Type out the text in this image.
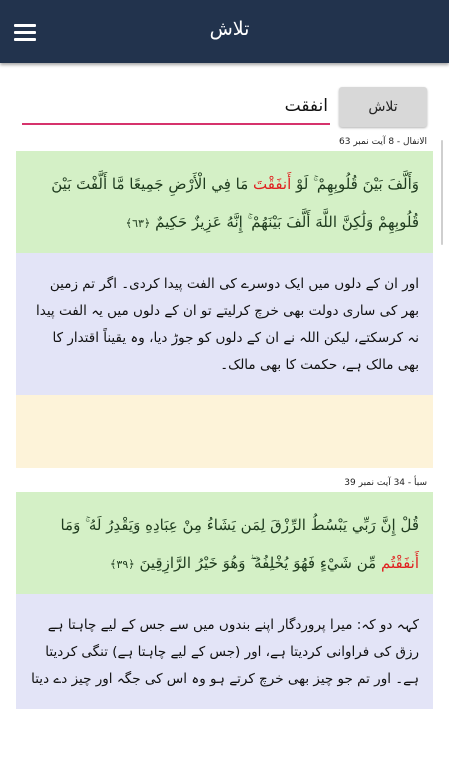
تلاش
تلاش
انفقت
الانفال - 8 آیت نمبر 63
وَأَلَّفَ بَيْنَ قُلُوبِهِمْ ۚ لَوْ أَنفَقْتَ مَا فِي الْأَرْضِ جَمِيعًا مَّا أَلَّفْتَ بَيْنَ قُلُوبِهِمْ وَلَٰكِنَّ اللَّهَ أَلَّفَ بَيْنَهُمْ ۚ إِنَّهُ عَزِيزٌ حَكِيمٌ ﴿٦٣﴾
اور ان کے دلوں میں ایک دوسرے کی الفت پیدا کردی۔ اگر تم زمین بھر کی ساری دولت بھی خرچ کرلیتے تو ان کے دلوں میں یہ الفت پیدا نہ کرسکتے، لیکن اللہ نے ان کے دلوں کو جوڑ دیا، وہ یقیناً اقتدار کا بھی مالک ہے، حکمت کا بھی مالک۔
سبأ - 34 آیت نمبر 39
قُلْ إِنَّ رَبِّي يَبْسُطُ الرِّزْقَ لِمَن يَشَاءُ مِنْ عِبَادِهِ وَيَقْدِرُ لَهُ ۚ وَمَا أَنفَقْتُم مِّن شَيْءٍ فَهُوَ يُخْلِفُهُ ۖ وَهُوَ خَيْرُ الرَّازِقِينَ ﴿٣٩﴾
کہہ دو کہ: میرا پروردگار اپنے بندوں میں سے جس کے لیے چاہتا ہے رزق کی فراوانی کردیتا ہے، اور (جس کے لیے چاہتا ہے) تنگی کردیتا ہے۔ اور تم جو چیز بھی خرچ کرتے ہو وہ اس کی جگہ اور چیز دے دیتا
